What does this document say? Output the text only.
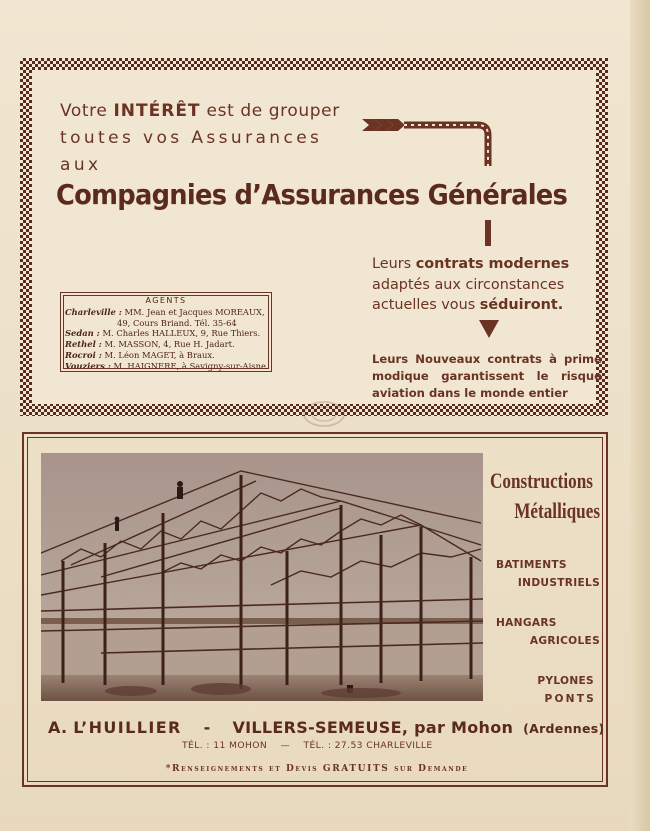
Votre INTÉRÊT est de grouper
toutes vos Assurances aux
Compagnies d’Assurances Générales
AGENTS
Charleville : MM. Jean et Jacques MOREAUX,
49, Cours Briand. Tél. 35-64
Sedan : M. Charles HALLEUX, 9, Rue Thiers.
Rethel : M. MASSON, 4, Rue H. Jadart.
Rocroi : M. Léon MAGET, à Braux.
Vouziers : M. HAIGNERE, à Savigny-sur-Aisne.
Leurs contrats modernes
adaptés aux circonstances
actuelles vous séduiront.
Leurs Nouveaux contrats à prime modique garantissent le risque aviation dans le monde entier
Constructions
Métalliques
BATIMENTS
INDUSTRIELS
HANGARS
AGRICOLES
PYLONES
PONTS
A. L’HUILLIER - VILLERS-SEMEUSE, par Mohon (Ardennes)
TÉL. : 11 MOHON — TÉL. : 27.53 CHARLEVILLE
*Renseignements et Devis GRATUITS sur Demande
